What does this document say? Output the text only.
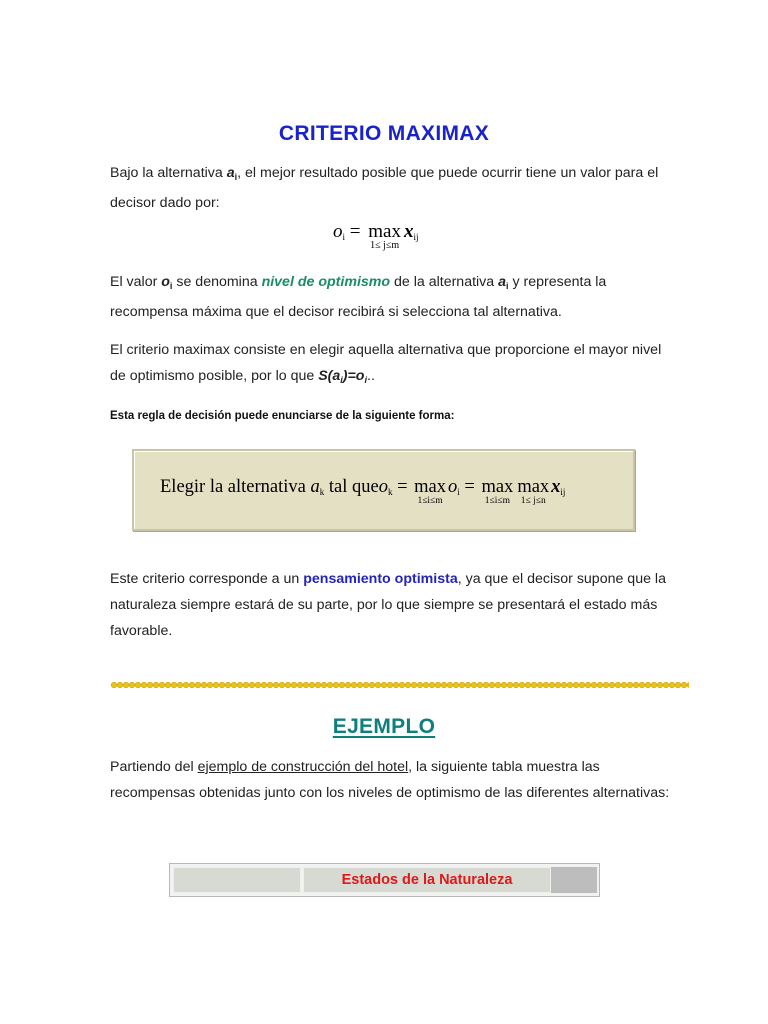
CRITERIO MAXIMAX
Bajo la alternativa $a_i$, el mejor resultado posible que puede ocurrir tiene un valor para el decisor dado por:
$o_i = \max$
1≤ j≤m
$x_{ij}$
El valor $o_i$ se denomina nivel de optimismo de la alternativa $a_i$ y representa la recompensa máxima que el decisor recibirá si selecciona tal alternativa.
El criterio maximax consiste en elegir aquella alternativa que proporcione el mayor nivel de optimismo posible, por lo que $S(a_i)=o_i$..
Esta regla de decisión puede enunciarse de la siguiente forma:
Elegir la alternativa $a_k$ tal queo$_k$ = max
1≤i≤m
$o_i = \max$
1≤i≤m
max
1≤ j≤n
$x_{ij}$
Este criterio corresponde a un pensamiento optimista, ya que el decisor supone que la naturaleza siempre estará de su parte, por lo que siempre se presentará el estado más favorable.
EJEMPLO
Partiendo del ejemplo de construcción del hotel, la siguiente tabla muestra las recompensas obtenidas junto con los niveles de optimismo de las diferentes alternativas:
Estados de la Naturaleza
